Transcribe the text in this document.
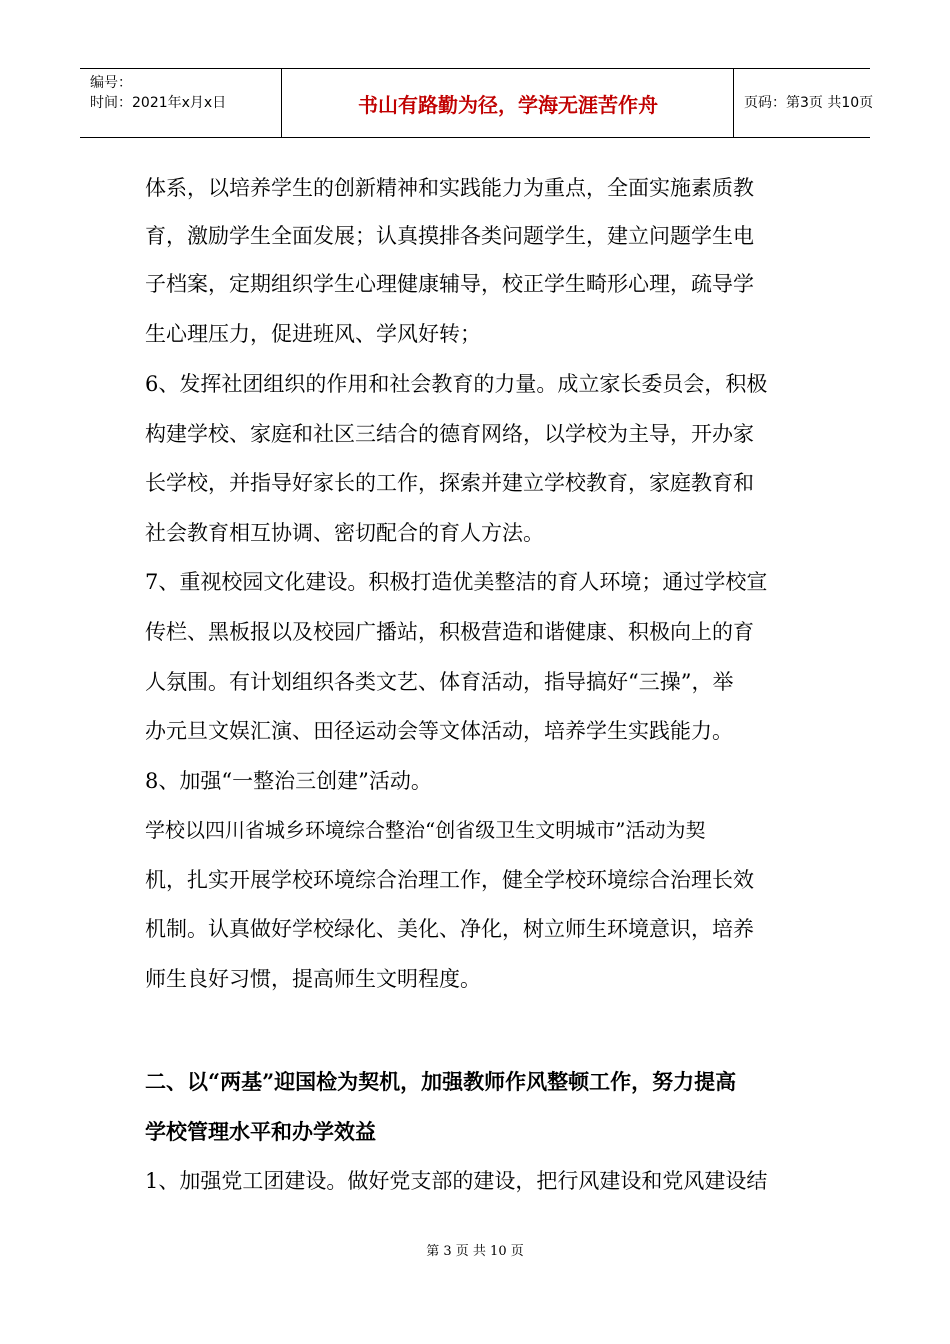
编号：
时间：2021年x月x日	书山有路勤为径，学海无涯苦作舟	页码：第3页 共10页
体系，以培养学生的创新精神和实践能力为重点，全面实施素质教
育，激励学生全面发展；认真摸排各类问题学生，建立问题学生电
子档案，定期组织学生心理健康辅导，校正学生畸形心理，疏导学
生心理压力，促进班风、学风好转；
6、发挥社团组织的作用和社会教育的力量。成立家长委员会，积极
构建学校、家庭和社区三结合的德育网络，以学校为主导，开办家
长学校，并指导好家长的工作，探索并建立学校教育，家庭教育和
社会教育相互协调、密切配合的育人方法。
7、重视校园文化建设。积极打造优美整洁的育人环境；通过学校宣
传栏、黑板报以及校园广播站，积极营造和谐健康、积极向上的育
人氛围。有计划组织各类文艺、体育活动，指导搞好“三操”，举
办元旦文娱汇演、田径运动会等文体活动，培养学生实践能力。
8、加强“一整治三创建”活动。
学校以四川省城乡环境综合整治“创省级卫生文明城市”活动为契
机，扎实开展学校环境综合治理工作，健全学校环境综合治理长效
机制。认真做好学校绿化、美化、净化，树立师生环境意识，培养
师生良好习惯，提高师生文明程度。
二、以“两基”迎国检为契机，加强教师作风整顿工作，努力提高
学校管理水平和办学效益
1、加强党工团建设。做好党支部的建设，把行风建设和党风建设结
第 3 页 共 10 页
